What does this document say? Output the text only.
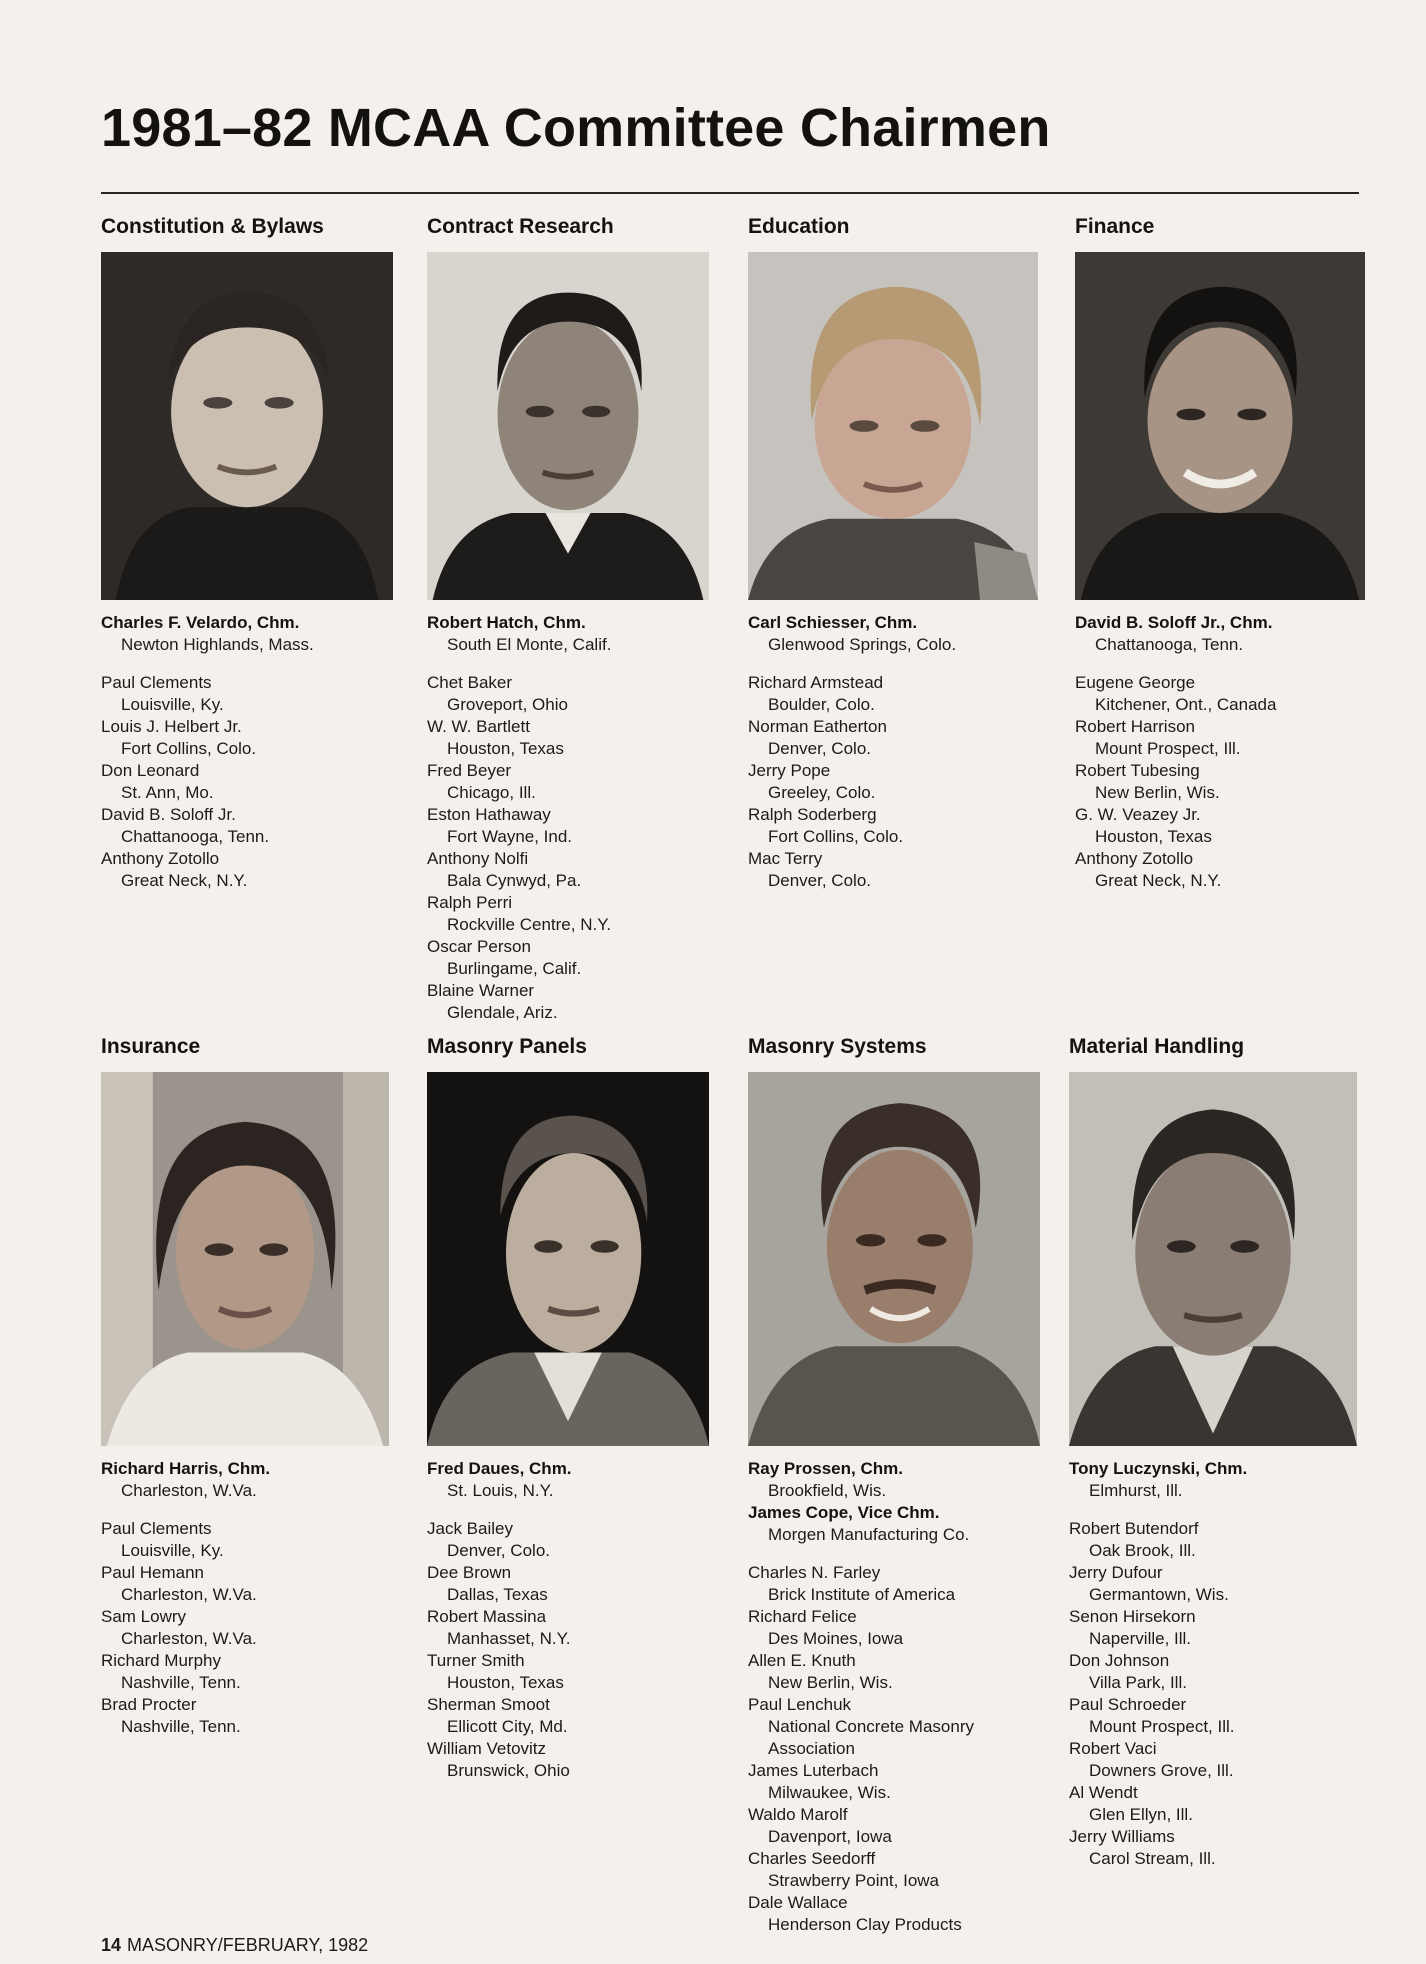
1981–82 MCAA Committee Chairmen
Constitution & Bylaws
Charles F. Velardo, Chm.
Newton Highlands, Mass.
Paul Clements
Louisville, Ky.
Louis J. Helbert Jr.
Fort Collins, Colo.
Don Leonard
St. Ann, Mo.
David B. Soloff Jr.
Chattanooga, Tenn.
Anthony Zotollo
Great Neck, N.Y.
Contract Research
Robert Hatch, Chm.
South El Monte, Calif.
Chet Baker
Groveport, Ohio
W. W. Bartlett
Houston, Texas
Fred Beyer
Chicago, Ill.
Eston Hathaway
Fort Wayne, Ind.
Anthony Nolfi
Bala Cynwyd, Pa.
Ralph Perri
Rockville Centre, N.Y.
Oscar Person
Burlingame, Calif.
Blaine Warner
Glendale, Ariz.
Education
Carl Schiesser, Chm.
Glenwood Springs, Colo.
Richard Armstead
Boulder, Colo.
Norman Eatherton
Denver, Colo.
Jerry Pope
Greeley, Colo.
Ralph Soderberg
Fort Collins, Colo.
Mac Terry
Denver, Colo.
Finance
David B. Soloff Jr., Chm.
Chattanooga, Tenn.
Eugene George
Kitchener, Ont., Canada
Robert Harrison
Mount Prospect, Ill.
Robert Tubesing
New Berlin, Wis.
G. W. Veazey Jr.
Houston, Texas
Anthony Zotollo
Great Neck, N.Y.
Insurance
Richard Harris, Chm.
Charleston, W.Va.
Paul Clements
Louisville, Ky.
Paul Hemann
Charleston, W.Va.
Sam Lowry
Charleston, W.Va.
Richard Murphy
Nashville, Tenn.
Brad Procter
Nashville, Tenn.
Masonry Panels
Fred Daues, Chm.
St. Louis, N.Y.
Jack Bailey
Denver, Colo.
Dee Brown
Dallas, Texas
Robert Massina
Manhasset, N.Y.
Turner Smith
Houston, Texas
Sherman Smoot
Ellicott City, Md.
William Vetovitz
Brunswick, Ohio
Masonry Systems
Ray Prossen, Chm.
Brookfield, Wis.
James Cope, Vice Chm.
Morgen Manufacturing Co.
Charles N. Farley
Brick Institute of America
Richard Felice
Des Moines, Iowa
Allen E. Knuth
New Berlin, Wis.
Paul Lenchuk
National Concrete Masonry Association
James Luterbach
Milwaukee, Wis.
Waldo Marolf
Davenport, Iowa
Charles Seedorff
Strawberry Point, Iowa
Dale Wallace
Henderson Clay Products
Material Handling
Tony Luczynski, Chm.
Elmhurst, Ill.
Robert Butendorf
Oak Brook, Ill.
Jerry Dufour
Germantown, Wis.
Senon Hirsekorn
Naperville, Ill.
Don Johnson
Villa Park, Ill.
Paul Schroeder
Mount Prospect, Ill.
Robert Vaci
Downers Grove, Ill.
Al Wendt
Glen Ellyn, Ill.
Jerry Williams
Carol Stream, Ill.
14 MASONRY/FEBRUARY, 1982
